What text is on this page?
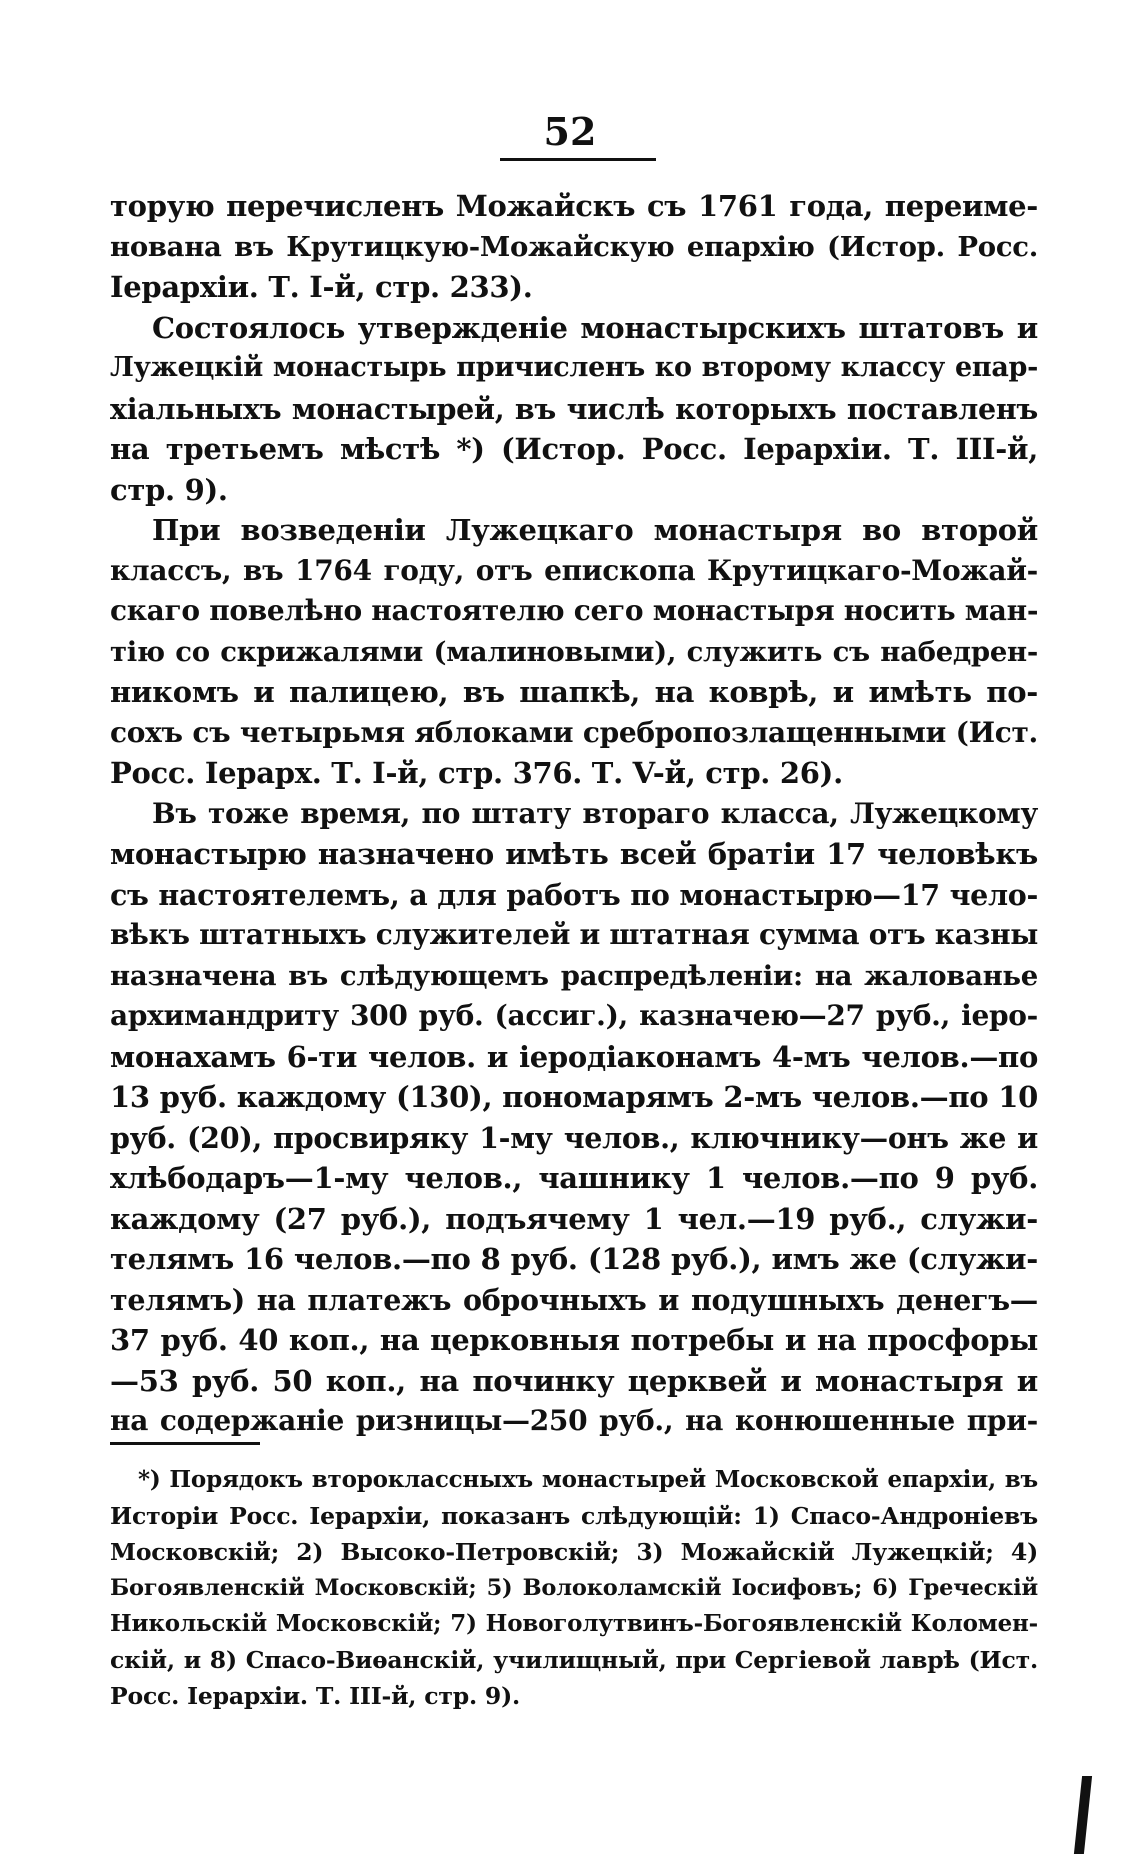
52
торую перечисленъ Можайскъ съ 1761 года, переиме-
нована въ Крутицкую-Можайскую епархію (Истор. Росс.
Іерархіи. Т. І-й, стр. 233).
Состоялось утвержденіе монастырскихъ штатовъ и
Лужецкій монастырь причисленъ ко второму классу епар-
хіальныхъ монастырей, въ числѣ которыхъ поставленъ
на третьемъ мѣстѣ *) (Истор. Росс. Іерархіи. Т. III-й,
стр. 9).
При возведеніи Лужецкаго монастыря во второй
классъ, въ 1764 году, отъ епископа Крутицкаго-Можай-
скаго повелѣно настоятелю сего монастыря носить ман-
тію со скрижалями (малиновыми), служить съ набедрен-
никомъ и палицею, въ шапкѣ, на коврѣ, и имѣть по-
сохъ съ четырьмя яблоками сребропозлащенными (Ист.
Росс. Іерарх. Т. І-й, стр. 376. Т. V-й, стр. 26).
Въ тоже время, по штату втораго класса, Лужецкому
монастырю назначено имѣть всей братіи 17 человѣкъ
съ настоятелемъ, а для работъ по монастырю—17 чело-
вѣкъ штатныхъ служителей и штатная сумма отъ казны
назначена въ слѣдующемъ распредѣленіи: на жалованье
архимандриту 300 руб. (ассиг.), казначею—27 руб., іеро-
монахамъ 6-ти челов. и іеродіаконамъ 4-мъ челов.—по
13 руб. каждому (130), пономарямъ 2-мъ челов.—по 10
руб. (20), просвиряку 1-му челов., ключнику—онъ же и
хлѣбодаръ—1-му челов., чашнику 1 челов.—по 9 руб.
каждому (27 руб.), подъячему 1 чел.—19 руб., служи-
телямъ 16 челов.—по 8 руб. (128 руб.), имъ же (служи-
телямъ) на платежъ оброчныхъ и подушныхъ денегъ—
37 руб. 40 коп., на церковныя потребы и на просфоры
—53 руб. 50 коп., на починку церквей и монастыря и
на содержаніе ризницы—250 руб., на конюшенные при-
*) Порядокъ второклассныхъ монастырей Московской епархіи, въ
Исторіи Росс. Іерархіи, показанъ слѣдующій: 1) Спасо-Андроніевъ
Московскій; 2) Высоко-Петровскій; 3) Можайскій Лужецкій; 4)
Богоявленскій Московскій; 5) Волоколамскій Іосифовъ; 6) Греческій
Никольскій Московскій; 7) Новоголутвинъ-Богоявленскій Коломен-
скій, и 8) Спасо-Виѳанскій, училищный, при Сергіевой лаврѣ (Ист.
Росс. Іерархіи. Т. III-й, стр. 9).
